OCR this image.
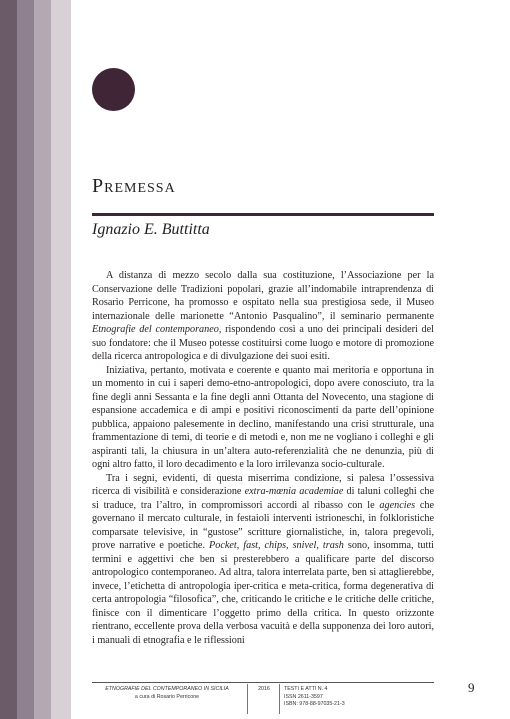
Premessa
Ignazio E. Buttitta

A distanza di mezzo secolo dalla sua costituzione, l’Associazione per la Conservazione delle Tradizioni popolari, grazie all’indomabile intraprendenza di Rosario Perricone, ha promosso e ospitato nella sua prestigiosa sede, il Museo internazionale delle marionette “Antonio Pasqualino”, il seminario permanente Etnografie del contemporaneo, rispondendo così a uno dei principali desideri del suo fondatore: che il Museo potesse costituirsi come luogo e motore di promozione della ricerca antropologica e di divulgazione dei suoi esiti.

Iniziativa, pertanto, motivata e coerente e quanto mai meritoria e opportuna in un momento in cui i saperi demo-etno-antropologici, dopo avere conosciuto, tra la fine degli anni Sessanta e la fine degli anni Ottanta del Novecento, una stagione di espansione accademica e di ampi e positivi riconoscimenti da parte dell’opinione pubblica, appaiono palesemente in declino, manifestando una crisi strutturale, una frammentazione di temi, di teorie e di metodi e, non me ne vogliano i colleghi e gli aspiranti tali, la chiusura in un’altera auto-referenzialità che ne denunzia, più di ogni altro fatto, il loro decadimento e la loro irrilevanza socio-culturale.

Tra i segni, evidenti, di questa miserrima condizione, si palesa l’ossessiva ricerca di visibilità e considerazione extra-mœnia academiae di taluni colleghi che si traduce, tra l’altro, in compromissori accordi al ribasso con le agencies che governano il mercato culturale, in festaioli interventi istrioneschi, in folkloristiche comparsate televisive, in “gustose” scritture giornalistiche, in, talora pregevoli, prove narrative e poetiche. Pocket, fast, chips, snivel, trash sono, insomma, tutti termini e aggettivi che ben si presterebbero a qualificare parte del discorso antropologico contemporaneo. Ad altra, talora interrelata parte, ben si attaglierebbe, invece, l’etichetta di antropologia iper-critica e meta-critica, forma degenerativa di certa antropologia “filosofica”, che, criticando le critiche e le critiche delle critiche, finisce con il dimenticare l’oggetto primo della critica. In questo orizzonte rientrano, eccellente prova della verbosa vacuità e della supponenza dei loro autori, i manuali di etnografia e le riflessioni

ETNOGRAFIE DEL CONTEMPORANEO IN SICILIA
a cura di Rosario Perricone
2016	TESTI E ATTI N. 4
ISSN 2611-3597
ISBN: 978-88-97035-21-3
9
